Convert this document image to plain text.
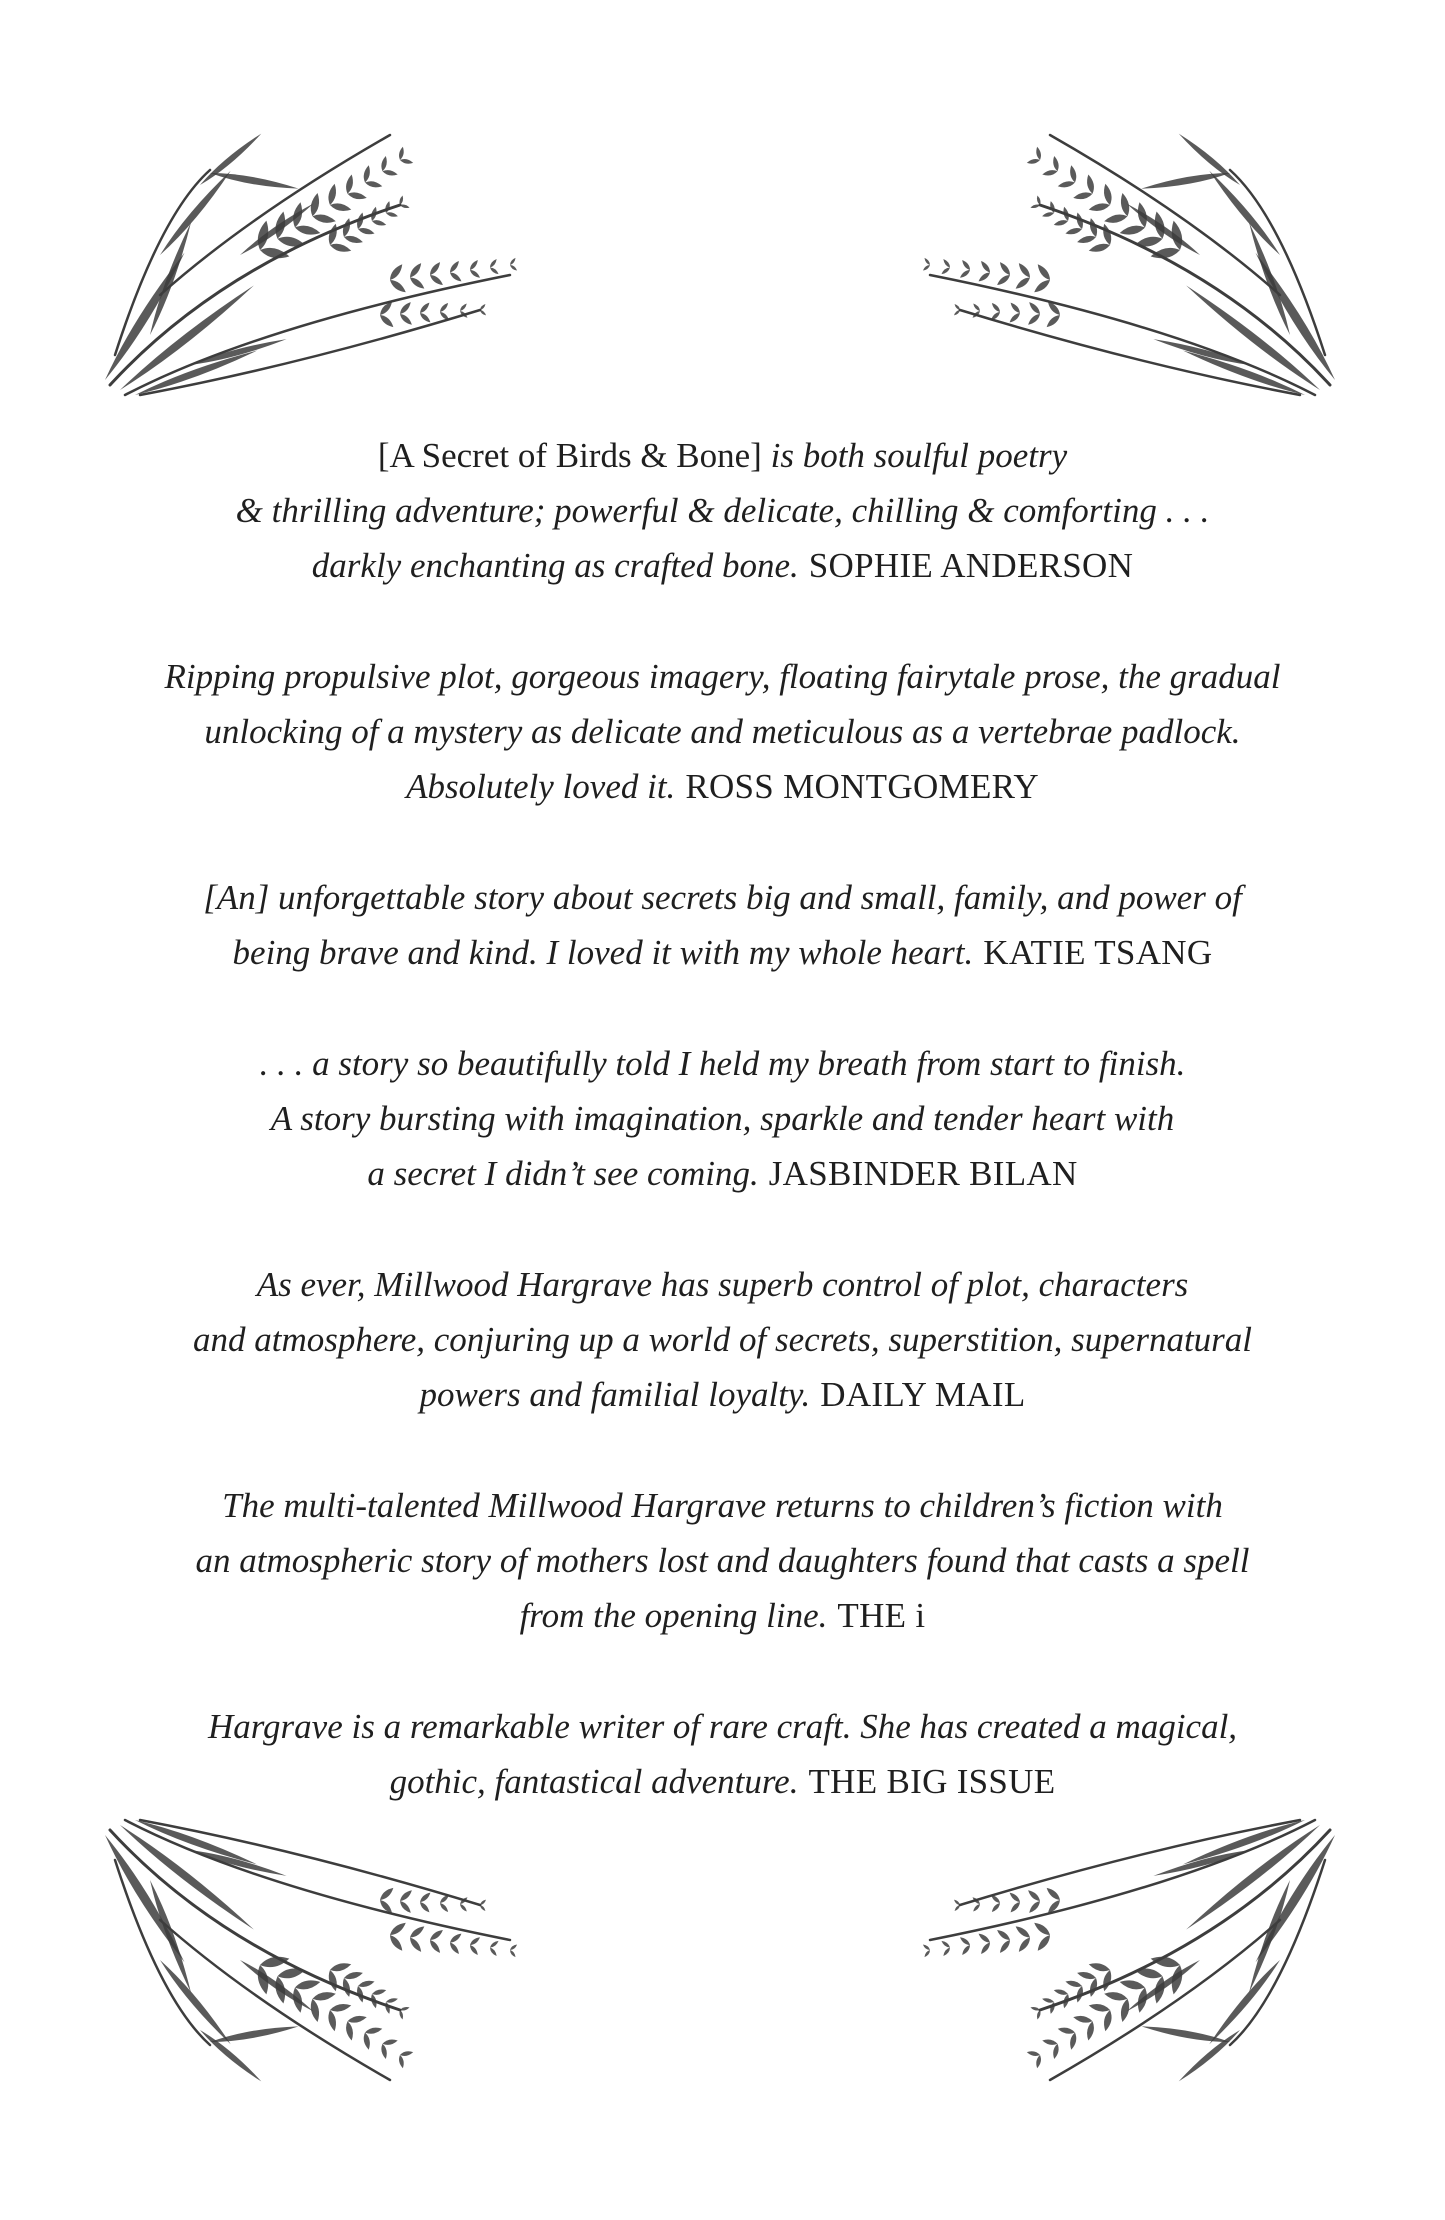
[A Secret of Birds & Bone] is both soulful poetry
& thrilling adventure; powerful & delicate, chilling & comforting . . .
darkly enchanting as crafted bone. SOPHIE ANDERSON
Ripping propulsive plot, gorgeous imagery, floating fairytale prose, the gradual
unlocking of a mystery as delicate and meticulous as a vertebrae padlock.
Absolutely loved it. ROSS MONTGOMERY
[An] unforgettable story about secrets big and small, family, and power of
being brave and kind. I loved it with my whole heart. KATIE TSANG
. . . a story so beautifully told I held my breath from start to finish.
A story bursting with imagination, sparkle and tender heart with
a secret I didn’t see coming. JASBINDER BILAN
As ever, Millwood Hargrave has superb control of plot, characters
and atmosphere, conjuring up a world of secrets, superstition, supernatural
powers and familial loyalty. DAILY MAIL
The multi-talented Millwood Hargrave returns to children’s fiction with
an atmospheric story of mothers lost and daughters found that casts a spell
from the opening line. THE i
Hargrave is a remarkable writer of rare craft. She has created a magical,
gothic, fantastical adventure. THE BIG ISSUE
